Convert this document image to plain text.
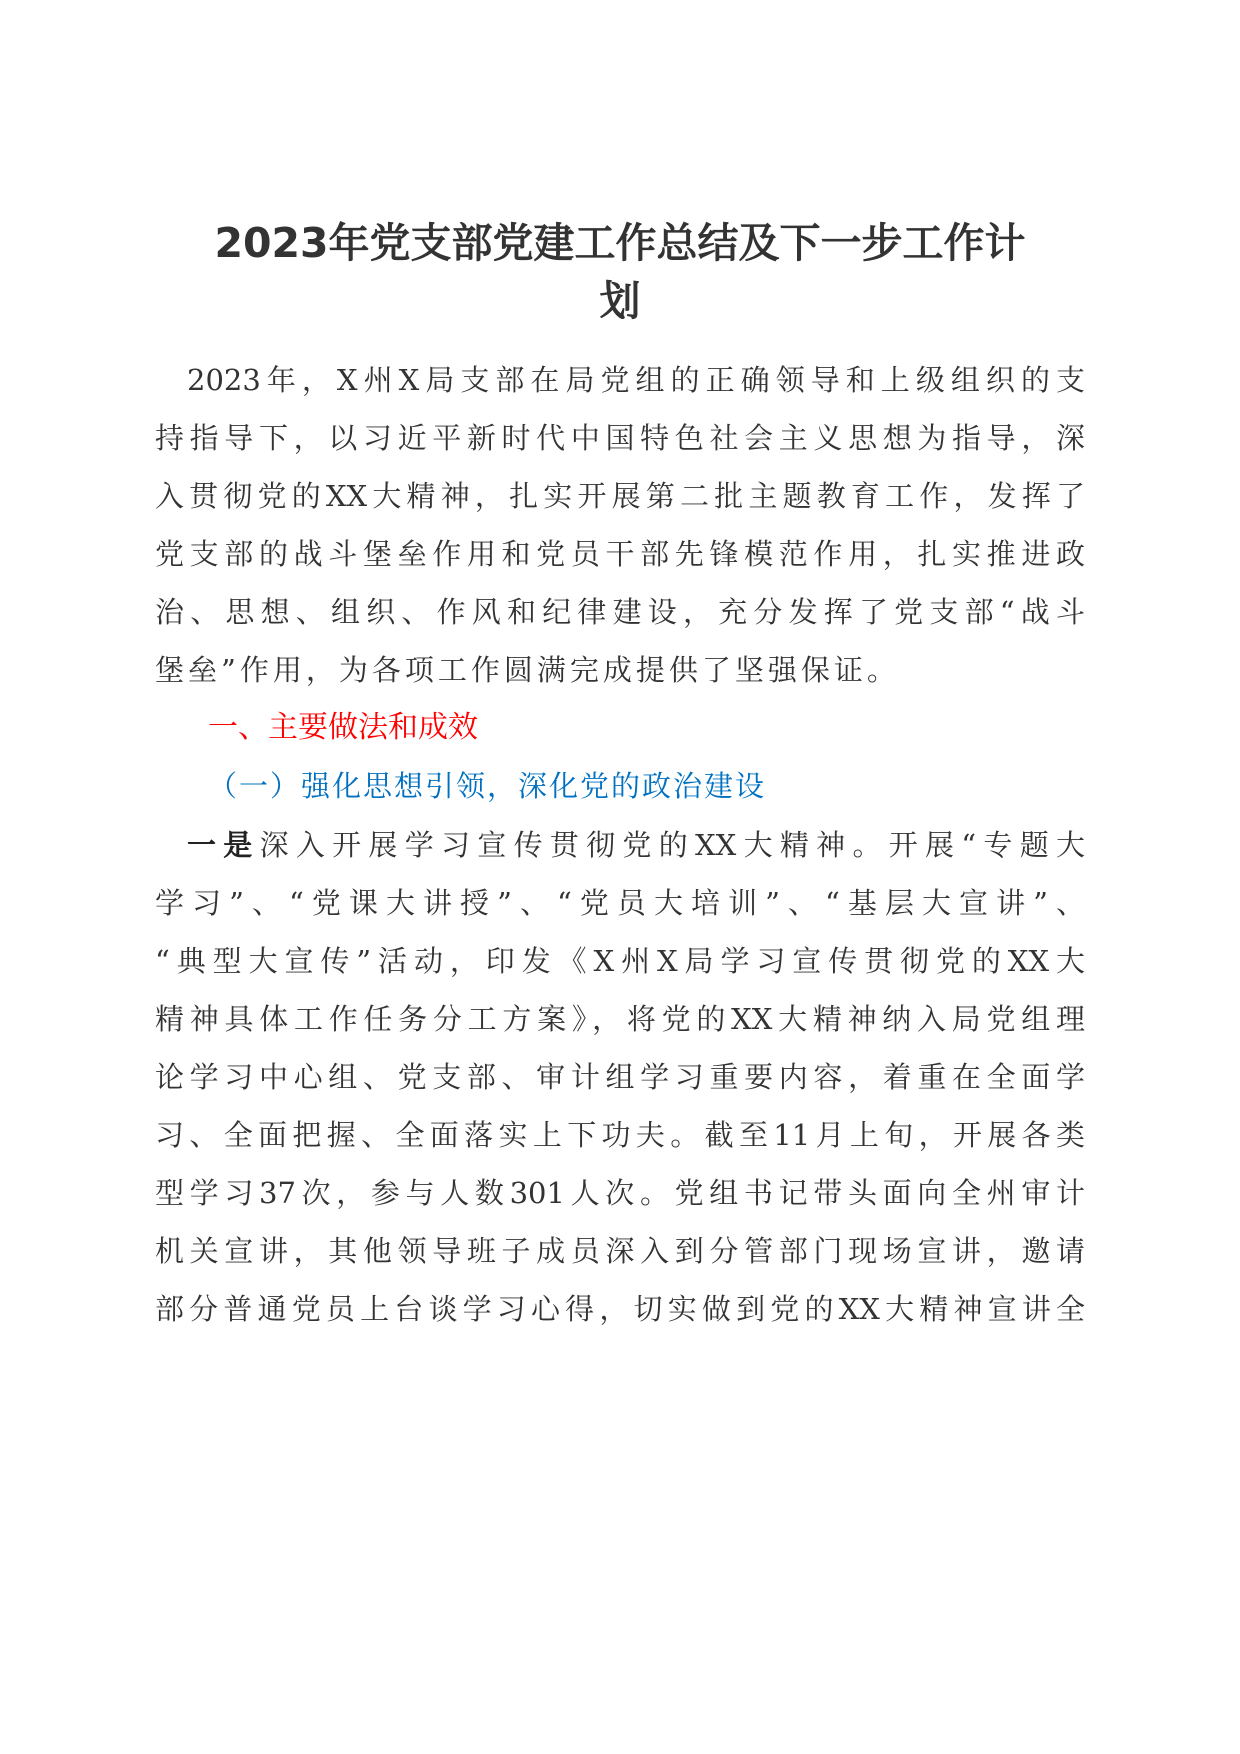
2023年党支部党建工作总结及下一步工作计
划
2023年，X州X局支部在局党组的正确领导和上级组织的支
持指导下，以习近平新时代中国特色社会主义思想为指导，深
入贯彻党的XX大精神，扎实开展第二批主题教育工作，发挥了
党支部的战斗堡垒作用和党员干部先锋模范作用，扎实推进政
治、思想、组织、作风和纪律建设，充分发挥了党支部“战斗
堡垒”作用，为各项工作圆满完成提供了坚强保证。
一、主要做法和成效
（一）强化思想引领，深化党的政治建设
一是深入开展学习宣传贯彻党的XX大精神。开展“专题大
学习”、“党课大讲授”、“党员大培训”、“基层大宣讲”、
“典型大宣传”活动，印发《X州X局学习宣传贯彻党的XX大
精神具体工作任务分工方案》，将党的XX大精神纳入局党组理
论学习中心组、党支部、审计组学习重要内容，着重在全面学
习、全面把握、全面落实上下功夫。截至11月上旬，开展各类
型学习37次，参与人数301人次。党组书记带头面向全州审计
机关宣讲，其他领导班子成员深入到分管部门现场宣讲，邀请
部分普通党员上台谈学习心得，切实做到党的XX大精神宣讲全
